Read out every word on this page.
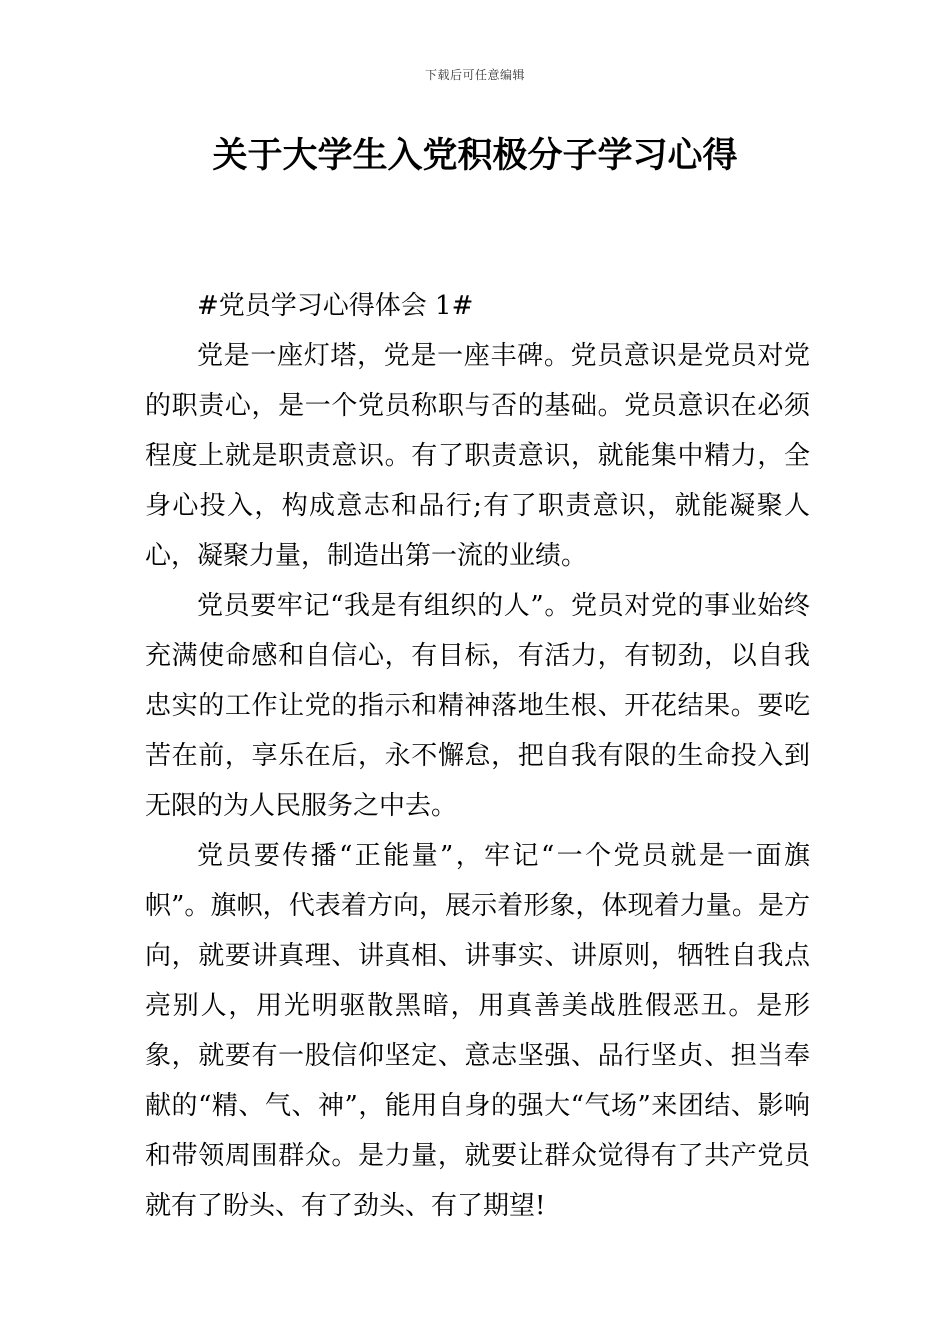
下载后可任意编辑
关于大学生入党积极分子学习心得
#党员学习心得体会 1#

党是一座灯塔，党是一座丰碑。党员意识是党员对党的职责心，是一个党员称职与否的基础。党员意识在必须程度上就是职责意识。有了职责意识，就能集中精力，全身心投入，构成意志和品行;有了职责意识，就能凝聚人心，凝聚力量，制造出第一流的业绩。

党员要牢记“我是有组织的人”。党员对党的事业始终充满使命感和自信心，有目标，有活力，有韧劲，以自我忠实的工作让党的指示和精神落地生根、开花结果。要吃苦在前，享乐在后，永不懈怠，把自我有限的生命投入到无限的为人民服务之中去。

党员要传播“正能量”，牢记“一个党员就是一面旗帜”。旗帜，代表着方向，展示着形象，体现着力量。是方向，就要讲真理、讲真相、讲事实、讲原则，牺牲自我点亮别人，用光明驱散黑暗，用真善美战胜假恶丑。是形象，就要有一股信仰坚定、意志坚强、品行坚贞、担当奉献的“精、气、神”，能用自身的强大“气场”来团结、影响和带领周围群众。是力量，就要让群众觉得有了共产党员就有了盼头、有了劲头、有了期望!
